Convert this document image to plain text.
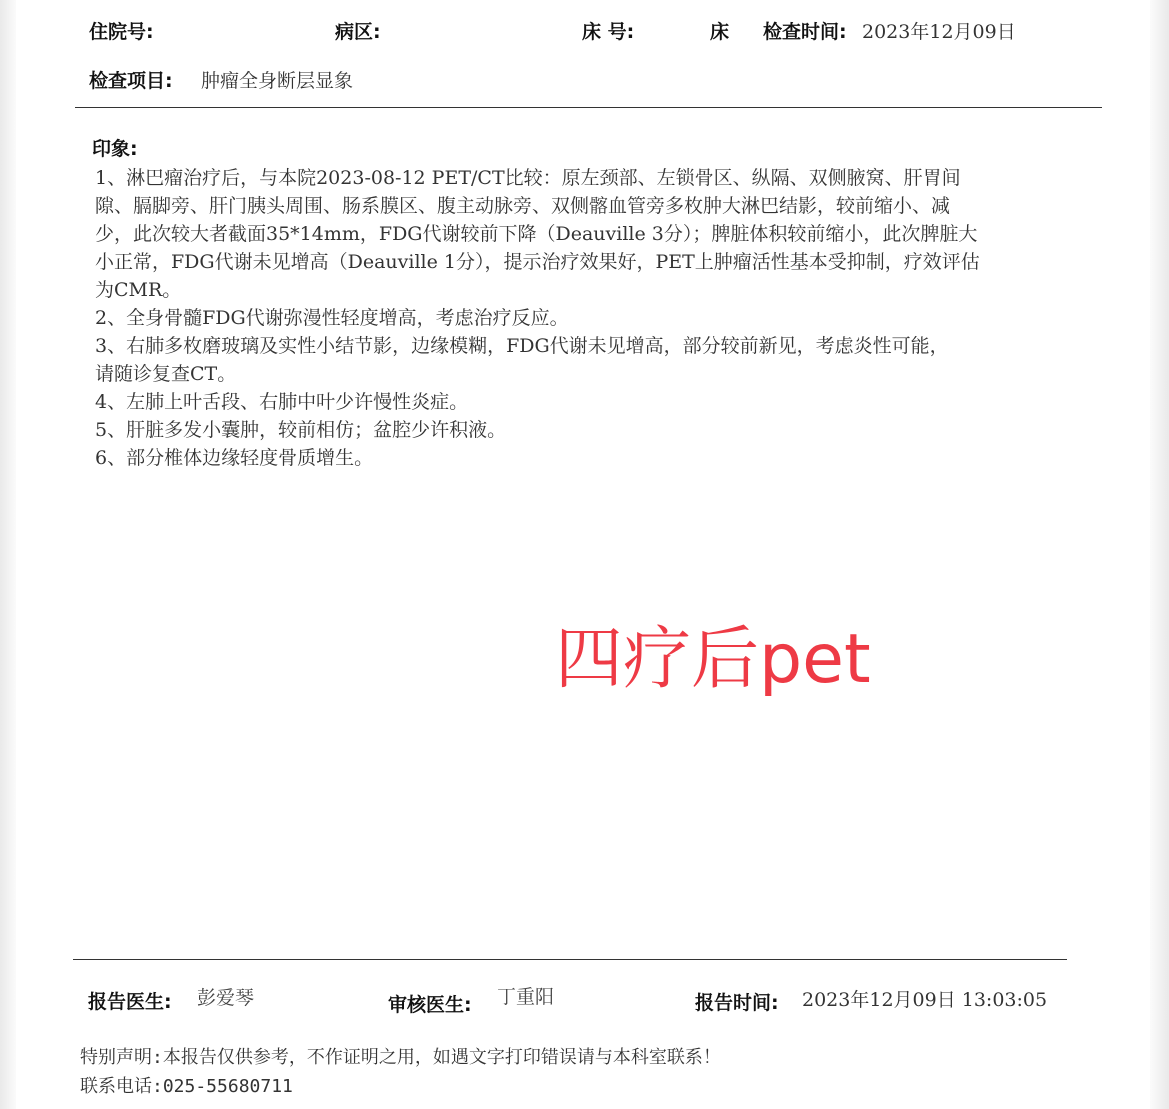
住院号:	病区:	床 号:	床 检查时间: 2023年12月09日
检查项目: 肿瘤全身断层显象
印象:

1、淋巴瘤治疗后，与本院2023-08-12 PET/CT比较：原左颈部、左锁骨区、纵隔、双侧腋窝、肝胃间
隙、膈脚旁、肝门胰头周围、肠系膜区、腹主动脉旁、双侧髂血管旁多枚肿大淋巴结影，较前缩小、减
少，此次较大者截面35*14mm，FDG代谢较前下降（Deauville 3分）；脾脏体积较前缩小，此次脾脏大
小正常，FDG代谢未见增高（Deauville 1分），提示治疗效果好，PET上肿瘤活性基本受抑制，疗效评估
为CMR。

2、全身骨髓FDG代谢弥漫性轻度增高，考虑治疗反应。

3、右肺多枚磨玻璃及实性小结节影，边缘模糊，FDG代谢未见增高，部分较前新见，考虑炎性可能，
请随诊复查CT。

4、左肺上叶舌段、右肺中叶少许慢性炎症。

5、肝脏多发小囊肿，较前相仿；盆腔少许积液。

6、部分椎体边缘轻度骨质增生。

四疗后pet
报告医生: 彭爱琴	审核医生: 丁重阳	报告时间: 2023年12月09日 13:03:05
特别声明:本报告仅供参考，不作证明之用，如遇文字打印错误请与本科室联系！
联系电话:025-55680711
